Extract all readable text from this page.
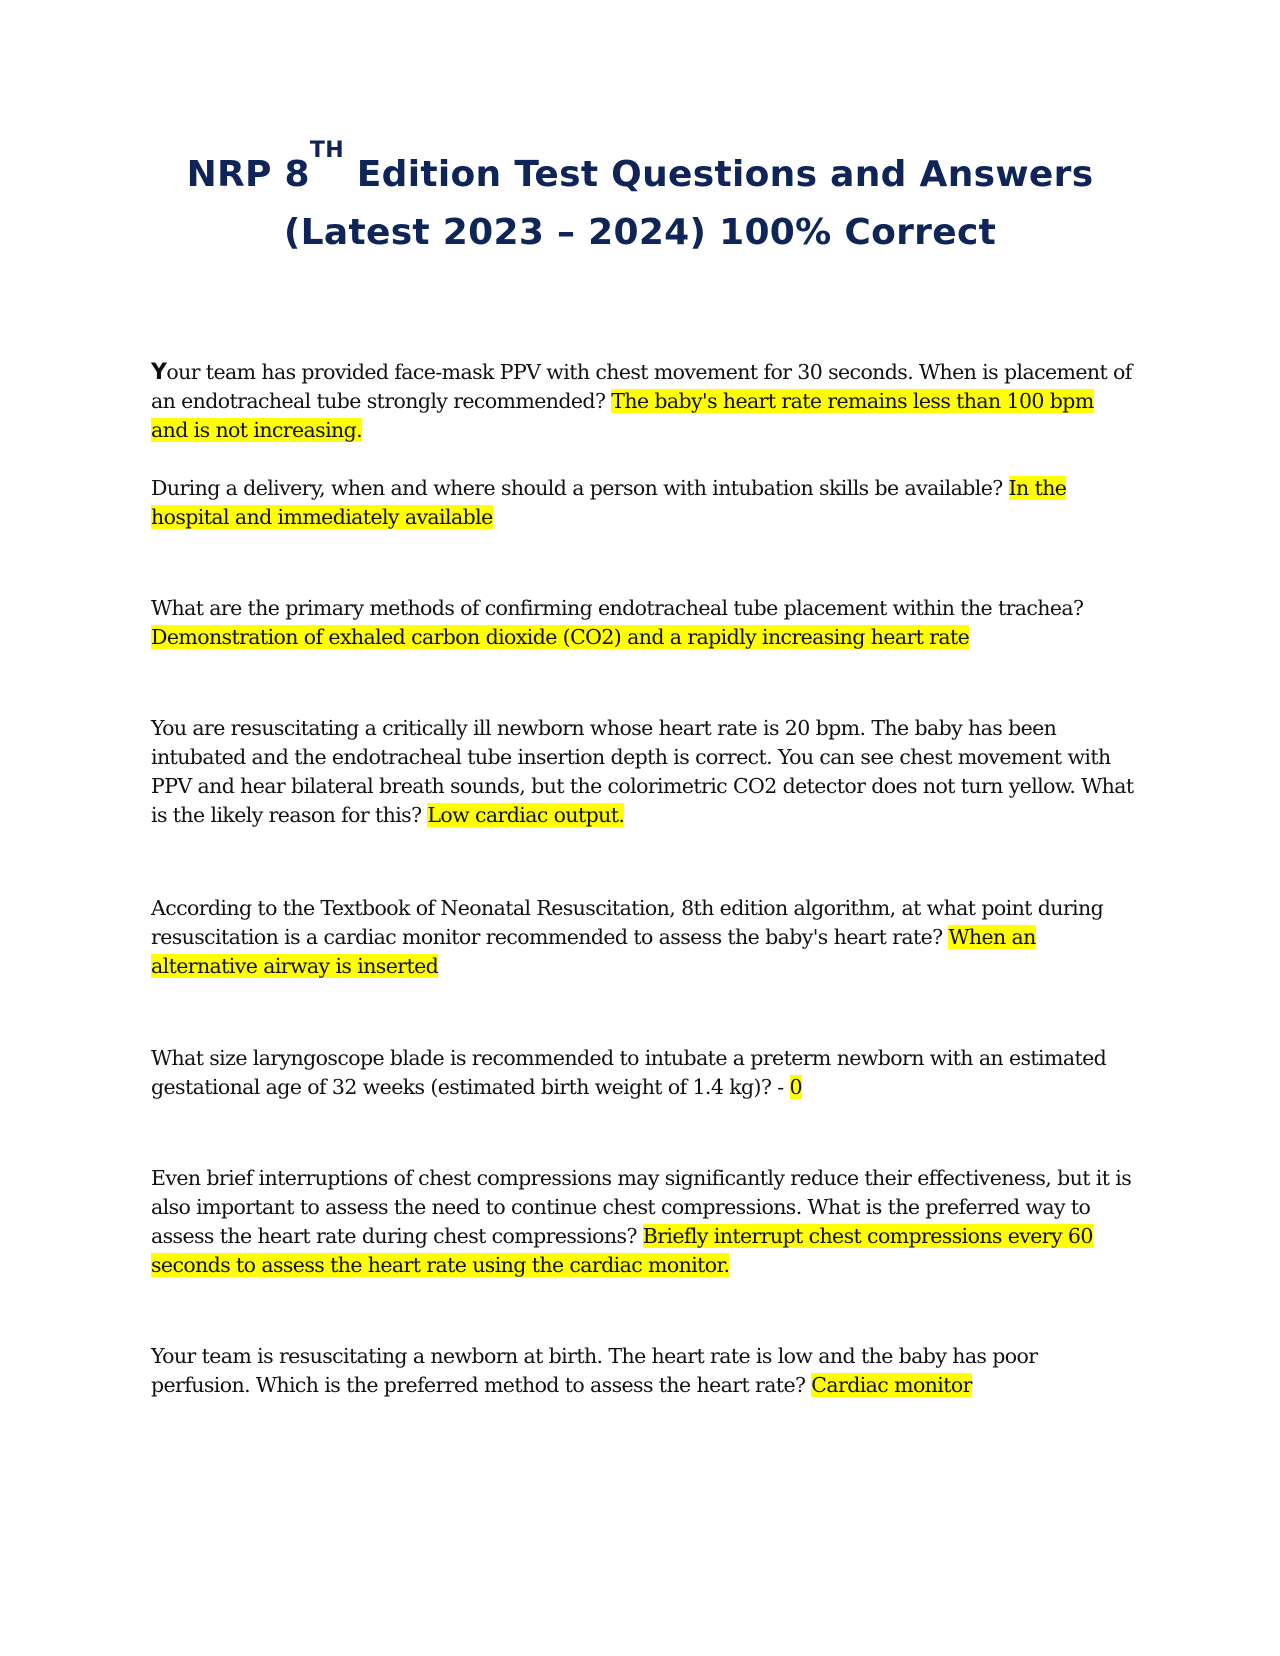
NRP 8TH Edition Test Questions and Answers
(Latest 2023 – 2024) 100% Correct

Your team has provided face-mask PPV with chest movement for 30 seconds. When is placement of an endotracheal tube strongly recommended? The baby's heart rate remains less than 100 bpm and is not increasing.

During a delivery, when and where should a person with intubation skills be available? In the hospital and immediately available

What are the primary methods of confirming endotracheal tube placement within the trachea? Demonstration of exhaled carbon dioxide (CO2) and a rapidly increasing heart rate

You are resuscitating a critically ill newborn whose heart rate is 20 bpm. The baby has been intubated and the endotracheal tube insertion depth is correct. You can see chest movement with PPV and hear bilateral breath sounds, but the colorimetric CO2 detector does not turn yellow. What is the likely reason for this? Low cardiac output.

According to the Textbook of Neonatal Resuscitation, 8th edition algorithm, at what point during resuscitation is a cardiac monitor recommended to assess the baby's heart rate? When an alternative airway is inserted

What size laryngoscope blade is recommended to intubate a preterm newborn with an estimated gestational age of 32 weeks (estimated birth weight of 1.4 kg)? - 0

Even brief interruptions of chest compressions may significantly reduce their effectiveness, but it is also important to assess the need to continue chest compressions. What is the preferred way to assess the heart rate during chest compressions? Briefly interrupt chest compressions every 60 seconds to assess the heart rate using the cardiac monitor.

Your team is resuscitating a newborn at birth. The heart rate is low and the baby has poor perfusion. Which is the preferred method to assess the heart rate? Cardiac monitor
